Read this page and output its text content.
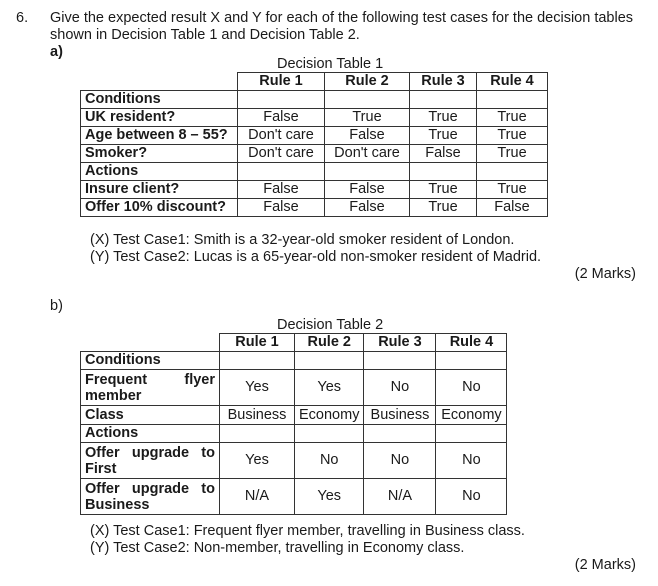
6. Give the expected result X and Y for each of the following test cases for the decision tables shown in Decision Table 1 and Decision Table 2.
a)
Decision Table 1
	Rule 1	Rule 2	Rule 3	Rule 4
Conditions				
UK resident?	False	True	True	True
Age between 8 – 55?	Don't care	False	True	True
Smoker?	Don't care	Don't care	False	True
Actions				
Insure client?	False	False	True	True
Offer 10% discount?	False	False	True	False
(X) Test Case1: Smith is a 32-year-old smoker resident of London.
(Y) Test Case2: Lucas is a 65-year-old non-smoker resident of Madrid.
(2 Marks)
b)
Decision Table 2
	Rule 1	Rule 2	Rule 3	Rule 4
Conditions				

Frequent flyer
member	Yes	Yes	No	No
Class	Business	Economy	Business	Economy
Actions				

Offer upgrade to
First	Yes	No	No	No

Offer upgrade to
Business	N/A	Yes	N/A	No
(X) Test Case1: Frequent flyer member, travelling in Business class.
(Y) Test Case2: Non-member, travelling in Economy class.
(2 Marks)
